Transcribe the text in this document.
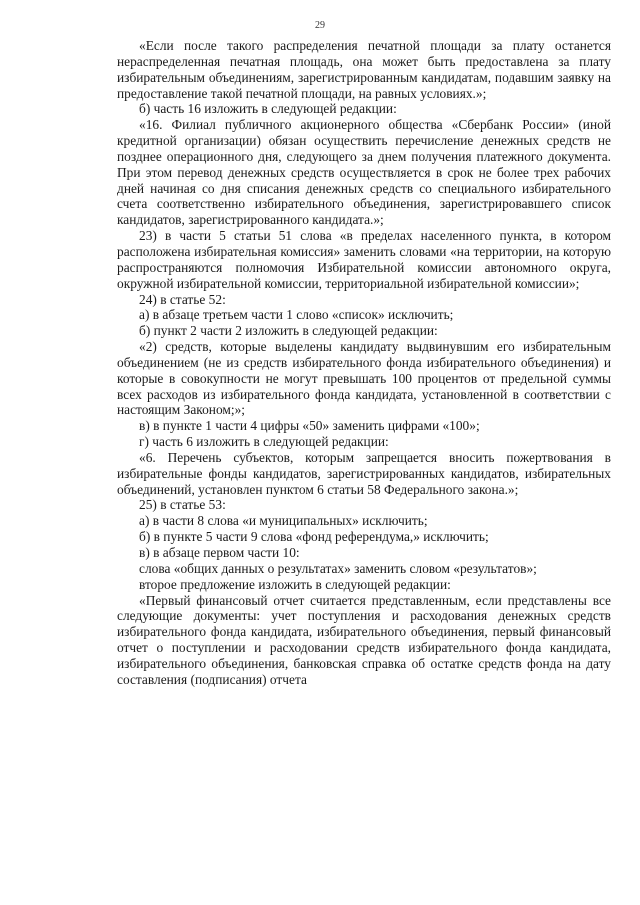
29

«Если после такого распределения печатной площади за плату останется нераспределенная печатная площадь, она может быть предоставлена за плату избирательным объединениям, зарегистрированным кандидатам, подавшим заявку на предоставление такой печатной площади, на равных условиях.»;

б) часть 16 изложить в следующей редакции:

«16. Филиал публичного акционерного общества «Сбербанк России» (иной кредитной организации) обязан осуществить перечисление денежных средств не позднее операционного дня, следующего за днем получения платежного документа. При этом перевод денежных средств осуществляется в срок не более трех рабочих дней начиная со дня списания денежных средств со специального избирательного счета соответственно избирательного объединения, зарегистрировавшего список кандидатов, зарегистрированного кандидата.»;

23) в части 5 статьи 51 слова «в пределах населенного пункта, в котором расположена избирательная комиссия» заменить словами «на территории, на которую распространяются полномочия Избирательной комиссии автономного округа, окружной избирательной комиссии, территориальной избирательной комиссии»;

24) в статье 52:

а) в абзаце третьем части 1 слово «список» исключить;

б) пункт 2 части 2 изложить в следующей редакции:

«2) средств, которые выделены кандидату выдвинувшим его избирательным объединением (не из средств избирательного фонда избирательного объединения) и которые в совокупности не могут превышать 100 процентов от предельной суммы всех расходов из избирательного фонда кандидата, установленной в соответствии с настоящим Законом;»;

в) в пункте 1 части 4 цифры «50» заменить цифрами «100»;

г) часть 6 изложить в следующей редакции:

«6. Перечень субъектов, которым запрещается вносить пожертвования в избирательные фонды кандидатов, зарегистрированных кандидатов, избирательных объединений, установлен пунктом 6 статьи 58 Федерального закона.»;

25) в статье 53:

а) в части 8 слова «и муниципальных» исключить;

б) в пункте 5 части 9 слова «фонд референдума,» исключить;

в) в абзаце первом части 10:

слова «общих данных о результатах» заменить словом «результатов»;

второе предложение изложить в следующей редакции:

«Первый финансовый отчет считается представленным, если представлены все следующие документы: учет поступления и расходования денежных средств избирательного фонда кандидата, избирательного объединения, первый финансовый отчет о поступлении и расходовании средств избирательного фонда кандидата, избирательного объединения, банковская справка об остатке средств фонда на дату составления (подписания) отчета
